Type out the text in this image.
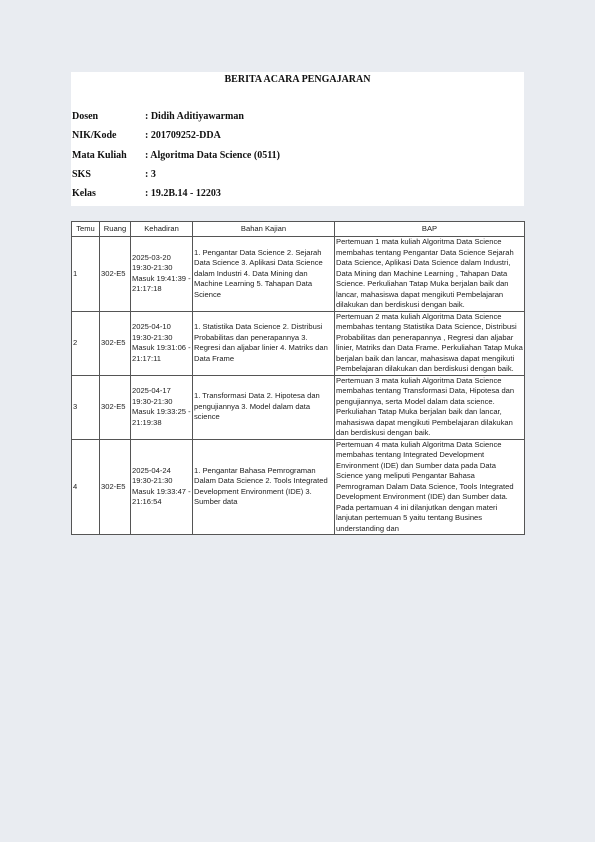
BERITA ACARA PENGAJARAN
Dosen	: Didih Aditiyawarman
NIK/Kode	: 201709252-DDA
Mata Kuliah : Algoritma Data Science (0511)
SKS	: 3
Kelas	: 19.2B.14 - 12203
Temu	Ruang	Kehadiran	Bahan Kajian	BAP
1	302-E5	2025-03-20 19:30-21:30 Masuk 19:41:39 - 21:17:18	1. Pengantar Data Science 2. Sejarah Data Science 3. Aplikasi Data Science dalam Industri 4. Data Mining dan Machine Learning 5. Tahapan Data Science	Pertemuan 1 mata kuliah Algoritma Data Science membahas tentang Pengantar Data Science Sejarah Data Science, Aplikasi Data Science dalam Industri, Data Mining dan Machine Learning , Tahapan Data Science. Perkuliahan Tatap Muka berjalan baik dan lancar, mahasiswa dapat mengikuti Pembelajaran dilakukan dan berdiskusi dengan baik.
2	302-E5	2025-04-10 19:30-21:30 Masuk 19:31:06 - 21:17:11	1. Statistika Data Science 2. Distribusi Probabilitas dan penerapannya 3. Regresi dan aljabar linier 4. Matriks dan Data Frame	Pertemuan 2 mata kuliah Algoritma Data Science membahas tentang Statistika Data Science, Distribusi Probabilitas dan penerapannya , Regresi dan aljabar linier, Matriks dan Data Frame. Perkuliahan Tatap Muka berjalan baik dan lancar, mahasiswa dapat mengikuti Pembelajaran dilakukan dan berdiskusi dengan baik.
3	302-E5	2025-04-17 19:30-21:30 Masuk 19:33:25 - 21:19:38	1. Transformasi Data 2. Hipotesa dan pengujiannya 3. Model dalam data science	Pertemuan 3 mata kuliah Algoritma Data Science membahas tentang Transformasi Data, Hipotesa dan pengujiannya, serta Model dalam data science. Perkuliahan Tatap Muka berjalan baik dan lancar, mahasiswa dapat mengikuti Pembelajaran dilakukan dan berdiskusi dengan baik.
4	302-E5	2025-04-24 19:30-21:30 Masuk 19:33:47 - 21:16:54	1. Pengantar Bahasa Pemrograman Dalam Data Science 2. Tools Integrated Development Environment (IDE) 3. Sumber data	Pertemuan 4 mata kuliah Algoritma Data Science membahas tentang Integrated Development Environment (IDE) dan Sumber data pada Data Science yang meliputi Pengantar Bahasa Pemrograman Dalam Data Science, Tools Integrated Development Environment (IDE) dan Sumber data. Pada pertamuan 4 ini dilanjutkan dengan materi lanjutan pertemuan 5 yaitu tentang Busines understanding dan
